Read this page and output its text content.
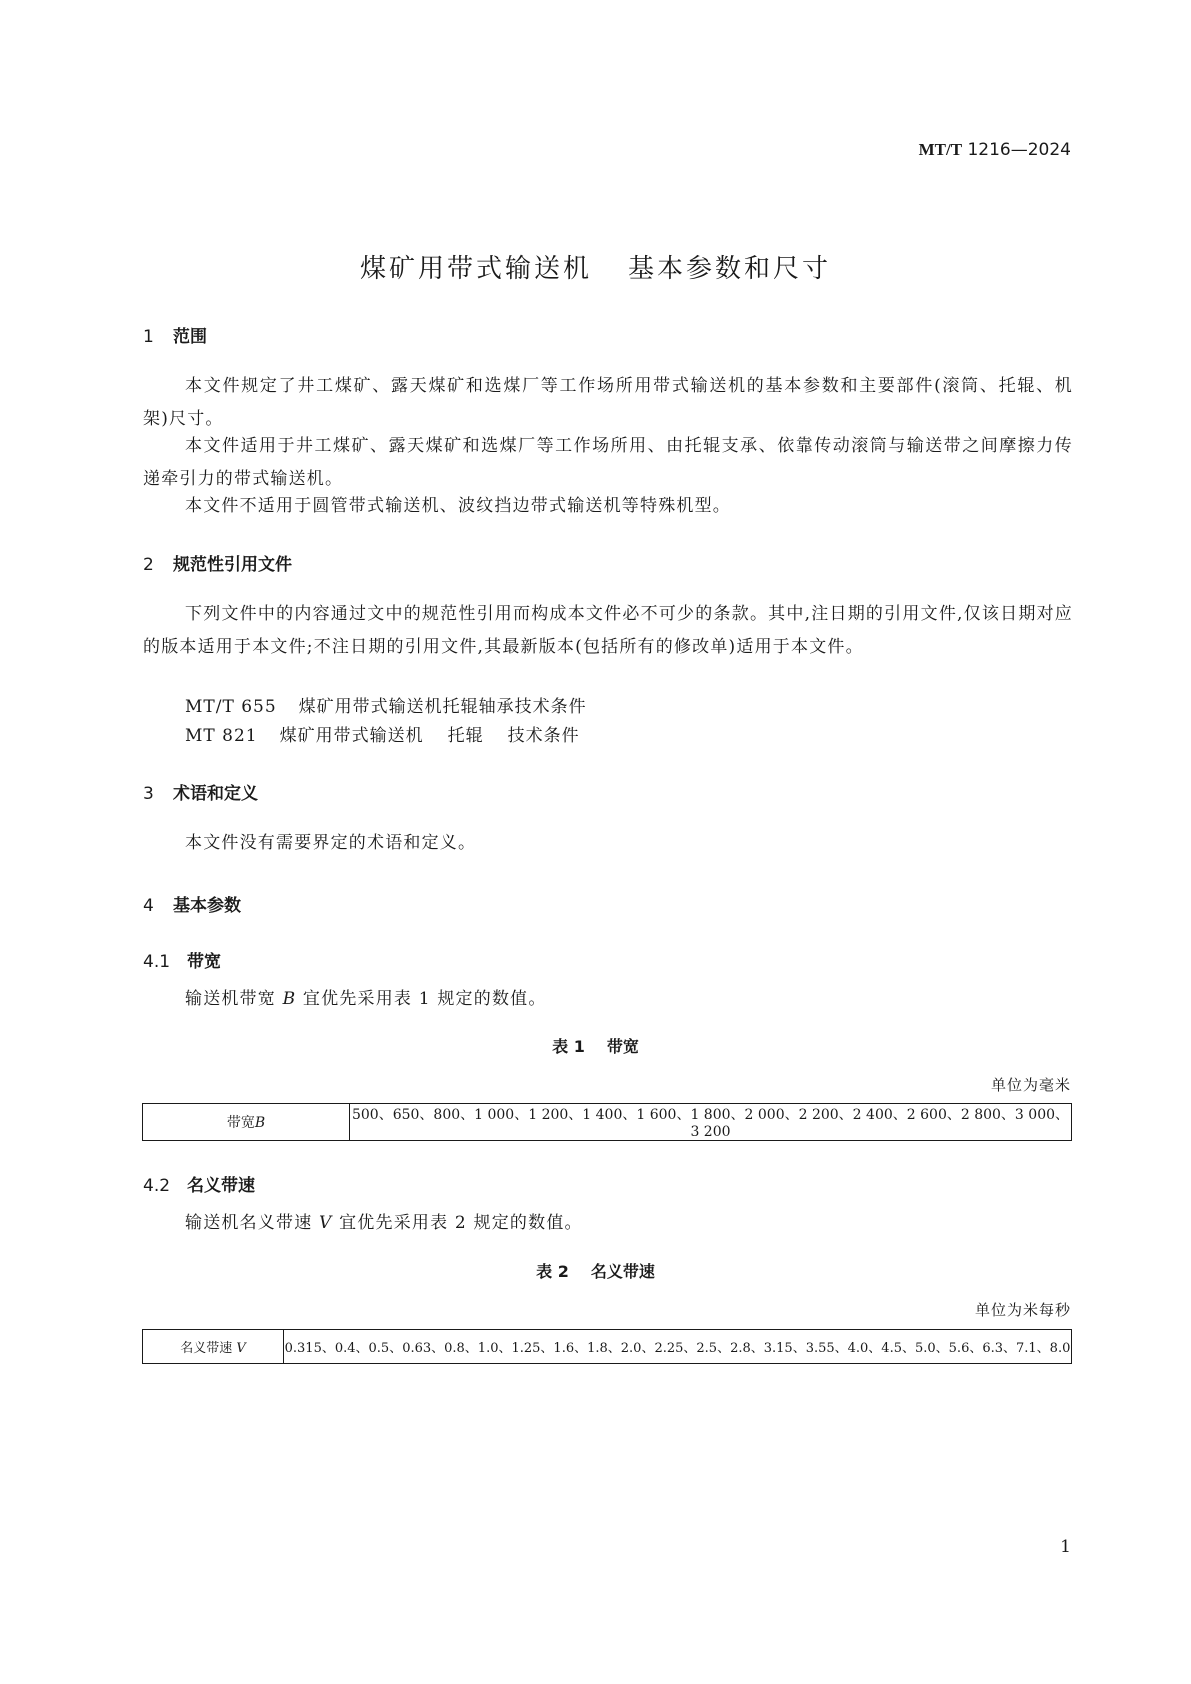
MT/T 1216—2024
煤矿用带式输送机 基本参数和尺寸
1 范围
本文件规定了井工煤矿、露天煤矿和选煤厂等工作场所用带式输送机的基本参数和主要部件(滚筒、托辊、机架)尺寸。
本文件适用于井工煤矿、露天煤矿和选煤厂等工作场所用、由托辊支承、依靠传动滚筒与输送带之间摩擦力传递牵引力的带式输送机。
本文件不适用于圆管带式输送机、波纹挡边带式输送机等特殊机型。
2 规范性引用文件
下列文件中的内容通过文中的规范性引用而构成本文件必不可少的条款。其中,注日期的引用文件,仅该日期对应的版本适用于本文件;不注日期的引用文件,其最新版本(包括所有的修改单)适用于本文件。
MT/T 655 煤矿用带式输送机托辊轴承技术条件
MT 821 煤矿用带式输送机 托辊 技术条件
3 术语和定义
本文件没有需要界定的术语和定义。
4 基本参数
4.1 带宽
输送机带宽 B 宜优先采用表 1 规定的数值。
表 1 带宽
单位为毫米
带宽B	500、650、800、1 000、1 200、1 400、1 600、1 800、2 000、2 200、2 400、2 600、2 800、3 000、3 200
4.2 名义带速
输送机名义带速 V 宜优先采用表 2 规定的数值。
表 2 名义带速
单位为米每秒
名义带速 V	0.315、0.4、0.5、0.63、0.8、1.0、1.25、1.6、1.8、2.0、2.25、2.5、2.8、3.15、3.55、4.0、4.5、5.0、5.6、6.3、7.1、8.0
1
